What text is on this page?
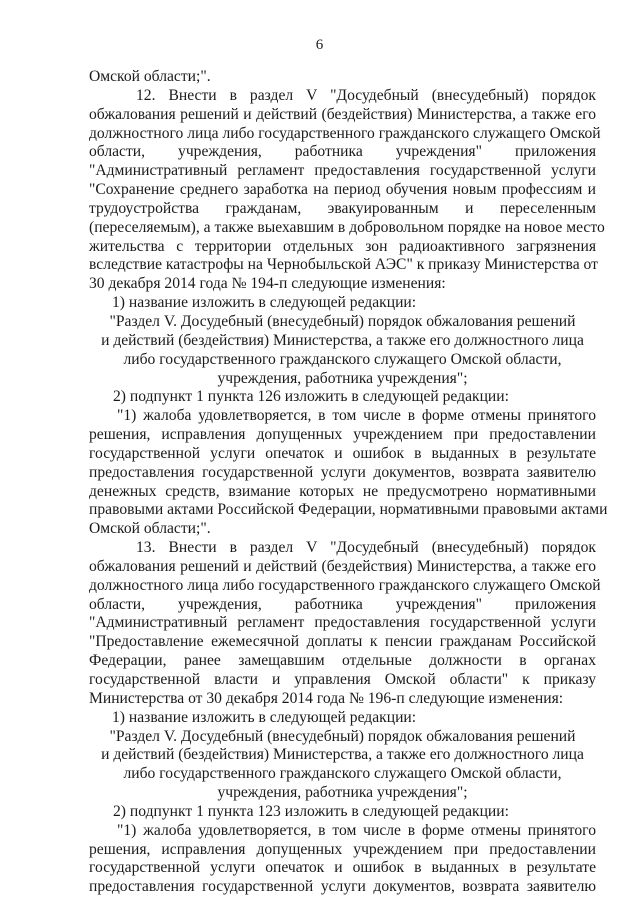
6
Омской области;".
12. Внести в раздел V "Досудебный (внесудебный) порядок
обжалования решений и действий (бездействия) Министерства, а также его
должностного лица либо государственного гражданского служащего Омской
области, учреждения, работника учреждения" приложения
"Административный регламент предоставления государственной услуги
"Сохранение среднего заработка на период обучения новым профессиям и
трудоустройства гражданам, эвакуированным и переселенным
(переселяемым), а также выехавшим в добровольном порядке на новое место
жительства с территории отдельных зон радиоактивного загрязнения
вследствие катастрофы на Чернобыльской АЭС" к приказу Министерства от
30 декабря 2014 года № 194-п следующие изменения:
1) название изложить в следующей редакции:
"Раздел V. Досудебный (внесудебный) порядок обжалования решений
и действий (бездействия) Министерства, а также его должностного лица
либо государственного гражданского служащего Омской области,
учреждения, работника учреждения";
2) подпункт 1 пункта 126 изложить в следующей редакции:
"1) жалоба удовлетворяется, в том числе в форме отмены принятого
решения, исправления допущенных учреждением при предоставлении
государственной услуги опечаток и ошибок в выданных в результате
предоставления государственной услуги документов, возврата заявителю
денежных средств, взимание которых не предусмотрено нормативными
правовыми актами Российской Федерации, нормативными правовыми актами
Омской области;".
13. Внести в раздел V "Досудебный (внесудебный) порядок
обжалования решений и действий (бездействия) Министерства, а также его
должностного лица либо государственного гражданского служащего Омской
области, учреждения, работника учреждения" приложения
"Административный регламент предоставления государственной услуги
"Предоставление ежемесячной доплаты к пенсии гражданам Российской
Федерации, ранее замещавшим отдельные должности в органах
государственной власти и управления Омской области" к приказу
Министерства от 30 декабря 2014 года № 196-п следующие изменения:
1) название изложить в следующей редакции:
"Раздел V. Досудебный (внесудебный) порядок обжалования решений
и действий (бездействия) Министерства, а также его должностного лица
либо государственного гражданского служащего Омской области,
учреждения, работника учреждения";
2) подпункт 1 пункта 123 изложить в следующей редакции:
"1) жалоба удовлетворяется, в том числе в форме отмены принятого
решения, исправления допущенных учреждением при предоставлении
государственной услуги опечаток и ошибок в выданных в результате
предоставления государственной услуги документов, возврата заявителю
